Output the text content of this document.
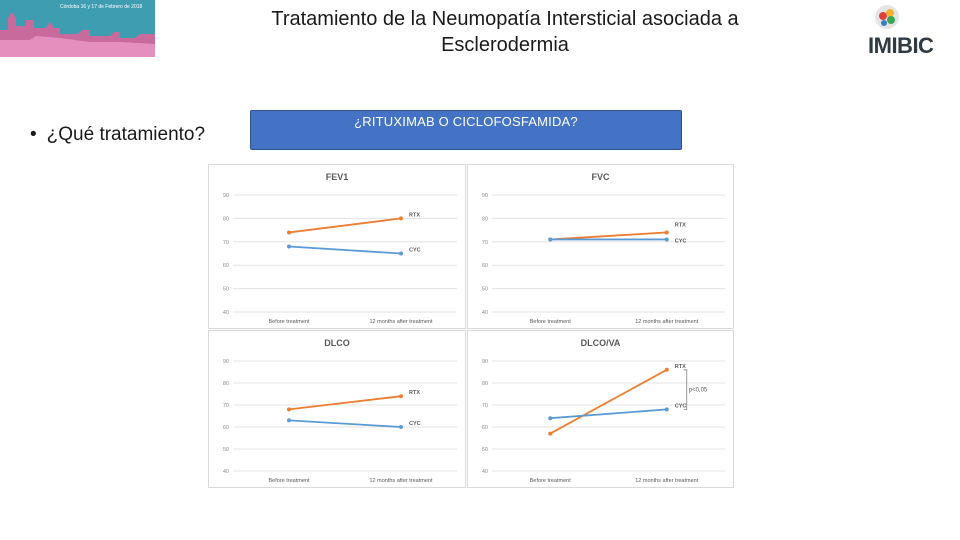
Córdoba 16 y 17 de Febrero de 2018
Tratamiento de la Neumopatía Intersticial asociada a
Esclerodermia	IMIBIC
• ¿Qué tratamiento?
¿RITUXIMAB O CICLOFOSFAMIDA?
FEV1
40
50
60
70
80
90
Before treatment	12 months after treatment
RTX
CYC
FVC
40
50
60
70
80
90
Before treatment	12 months after treatment
RTX
CYC
DLCO
40
50
60
70
80
90
Before treatment	12 months after treatment
RTX
CYC
DLCO/VA
40
50
60
70
80
90
Before treatment	12 months after treatment
RTX
CYC
p<0,05
